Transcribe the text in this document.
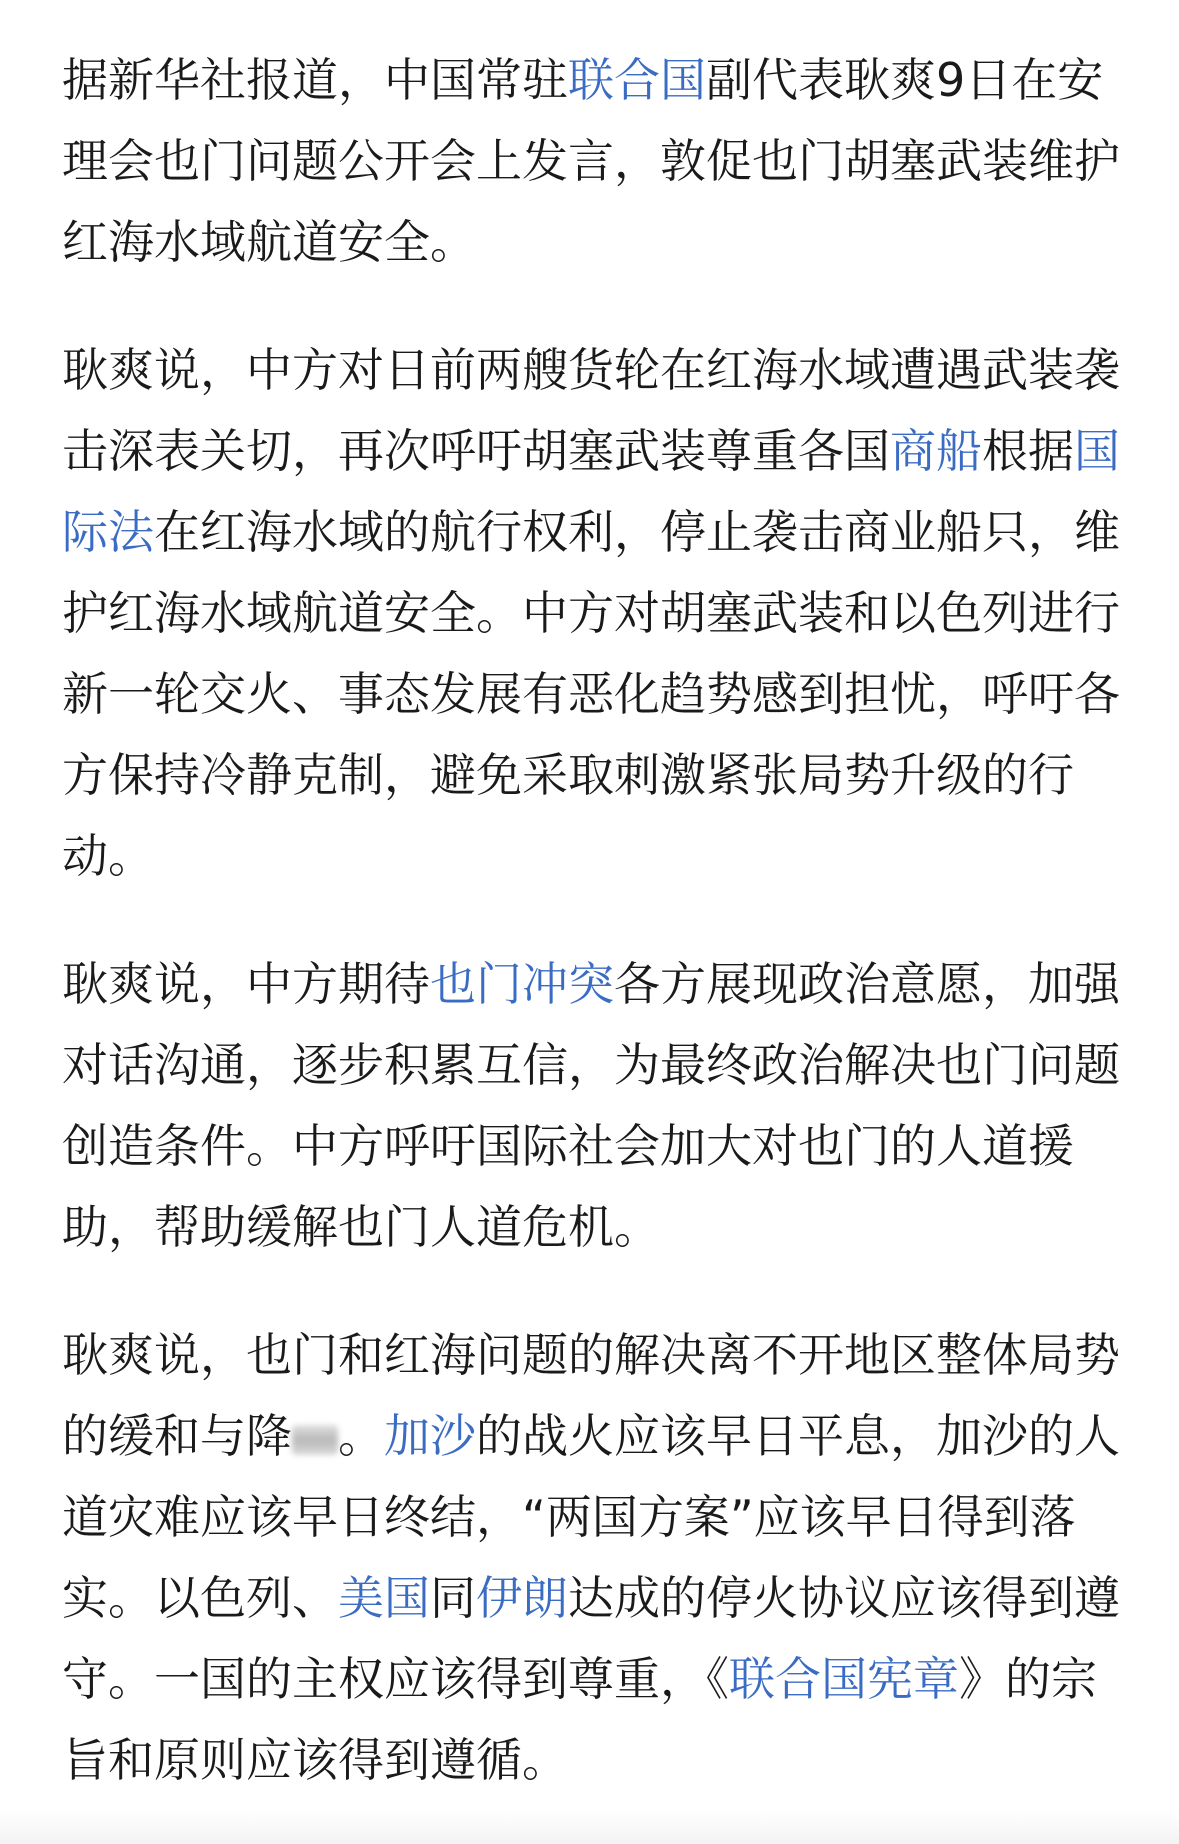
据新华社报道，中国常驻联合国副代表耿爽9日在安理会也门问题公开会上发言，敦促也门胡塞武装维护红海水域航道安全。

耿爽说，中方对日前两艘货轮在红海水域遭遇武装袭击深表关切，再次呼吁胡塞武装尊重各国商船根据国际法在红海水域的航行权利，停止袭击商业船只，维护红海水域航道安全。中方对胡塞武装和以色列进行新一轮交火、事态发展有恶化趋势感到担忧，呼吁各方保持冷静克制，避免采取刺激紧张局势升级的行动。

耿爽说，中方期待也门冲突各方展现政治意愿，加强对话沟通，逐步积累互信，为最终政治解决也门问题创造条件。中方呼吁国际社会加大对也门的人道援助，帮助缓解也门人道危机。

耿爽说，也门和红海问题的解决离不开地区整体局势的缓和与降 。加沙的战火应该早日平息，加沙的人道灾难应该早日终结，“两国方案”应该早日得到落实。以色列、美国同伊朗达成的停火协议应该得到遵守。一国的主权应该得到尊重，《联合国宪章》的宗旨和原则应该得到遵循。
